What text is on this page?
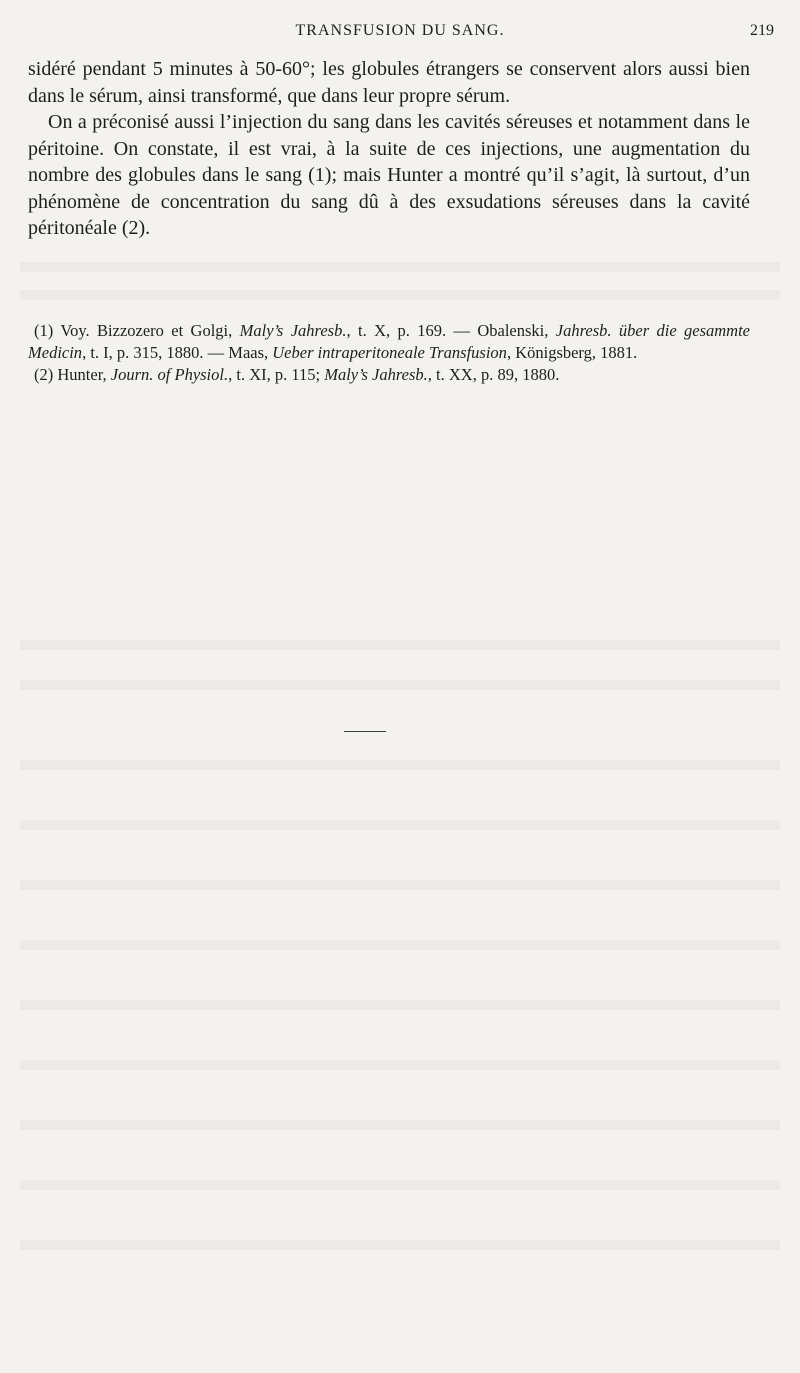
TRANSFUSION DU SANG.	219

sidéré pendant 5 minutes à 50-60°; les globules étrangers se conservent alors aussi bien dans le sérum, ainsi transformé, que dans leur propre sérum.

On a préconisé aussi l’injection du sang dans les cavités séreuses et notamment dans le péritoine. On constate, il est vrai, à la suite de ces injections, une augmentation du nombre des globules dans le sang (1); mais Hunter a montré qu’il s’agit, là surtout, d’un phénomène de concentration du sang dû à des exsudations séreuses dans la cavité péritonéale (2).

(1) Voy. Bizzozero et Golgi, Maly’s Jahresb., t. X, p. 169. — Obalenski, Jahresb. über die gesammte Medicin, t. I, p. 315, 1880. — Maas, Ueber intraperitoneale Transfusion, Königsberg, 1881.

(2) Hunter, Journ. of Physiol., t. XI, p. 115; Maly’s Jahresb., t. XX, p. 89, 1880.
